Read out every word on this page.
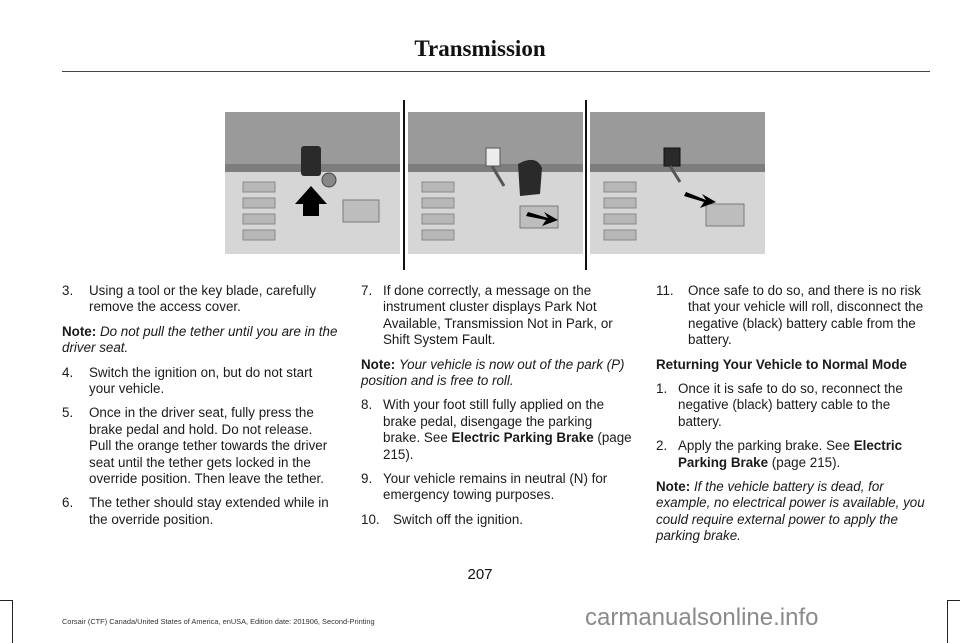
Transmission
3. Using a tool or the key blade, carefully remove the access cover.
Note: Do not pull the tether until you are in the driver seat.
4. Switch the ignition on, but do not start your vehicle.
5. Once in the driver seat, fully press the brake pedal and hold. Do not release. Pull the orange tether towards the driver seat until the tether gets locked in the override position. Then leave the tether.
6. The tether should stay extended while in the override position.
7. If done correctly, a message on the instrument cluster displays Park Not Available, Transmission Not in Park, or Shift System Fault.
Note: Your vehicle is now out of the park (P) position and is free to roll.
8. With your foot still fully applied on the brake pedal, disengage the parking brake. See Electric Parking Brake (page 215).
9. Your vehicle remains in neutral (N) for emergency towing purposes.
10. Switch off the ignition.
11. Once safe to do so, and there is no risk that your vehicle will roll, disconnect the negative (black) battery cable from the battery.
Returning Your Vehicle to Normal Mode
1. Once it is safe to do so, reconnect the negative (black) battery cable to the battery.
2. Apply the parking brake. See Electric Parking Brake (page 215).
Note: If the vehicle battery is dead, for example, no electrical power is available, you could require external power to apply the parking brake.
207
Corsair (CTF) Canada/United States of America, enUSA, Edition date: 201906, Second-Printing	carmanualsonline.info
